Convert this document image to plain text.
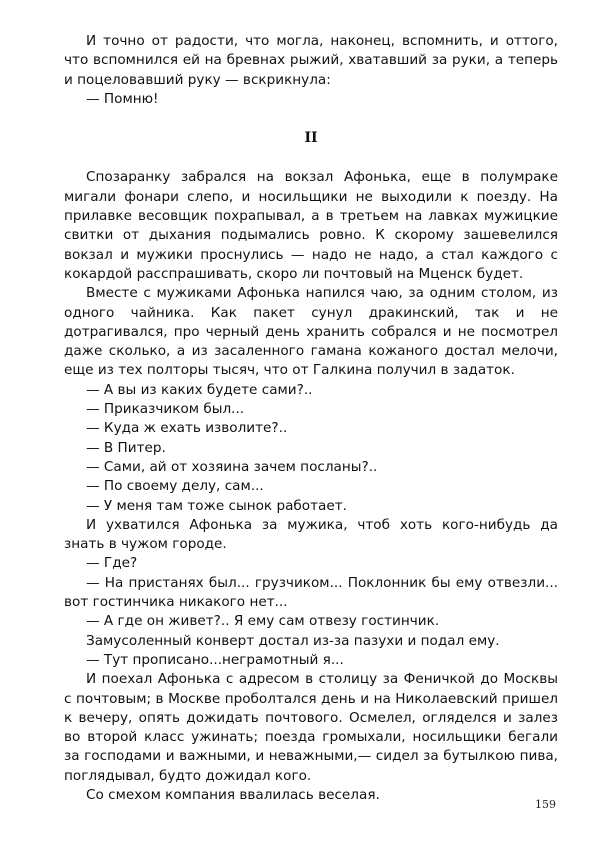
И точно от радости, что могла, наконец, вспомнить, и оттого, что вспомнился ей на бревнах рыжий, хватавший за руки, а теперь и поцеловавший руку — вскрикнула:

— Помню!

II

Спозаранку забрался на вокзал Афонька, еще в полумраке мигали фонари слепо, и носильщики не выходили к поезду. На прилавке весовщик похрапывал, а в третьем на лавках мужицкие свитки от дыхания подымались ровно. К скорому зашевелился вокзал и мужики проснулись — надо не надо, а стал каждого с кокардой расспрашивать, скоро ли почтовый на Мценск будет.

Вместе с мужиками Афонька напился чаю, за одним столом, из одного чайника. Как пакет сунул дракинский, так и не дотрагивался, про черный день хранить собрался и не посмотрел даже сколько, а из засаленного гамана кожаного достал мелочи, еще из тех полторы тысяч, что от Галкина получил в задаток.

— А вы из каких будете сами?..

— Приказчиком был...

— Куда ж ехать изволите?..

— В Питер.

— Сами, ай от хозяина зачем посланы?..

— По своему делу, сам...

— У меня там тоже сынок работает.

И ухватился Афонька за мужика, чтоб хоть кого-нибудь да знать в чужом городе.

— Где?

— На пристанях был... грузчиком... Поклонник бы ему отвезли... вот гостинчика никакого нет...

— А где он живет?.. Я ему сам отвезу гостинчик.

Замусоленный конверт достал из-за пазухи и подал ему.

— Тут прописано...неграмотный я...

И поехал Афонька с адресом в столицу за Феничкой до Москвы с почтовым; в Москве проболтался день и на Николаевский пришел к вечеру, опять дожидать почтового. Осмелел, огляделся и залез во второй класс ужинать; поезда громыхали, носильщики бегали за господами и важными, и неважными,— сидел за бутылкою пива, поглядывал, будто дожидал кого.

Со смехом компания ввалилась веселая.

159
